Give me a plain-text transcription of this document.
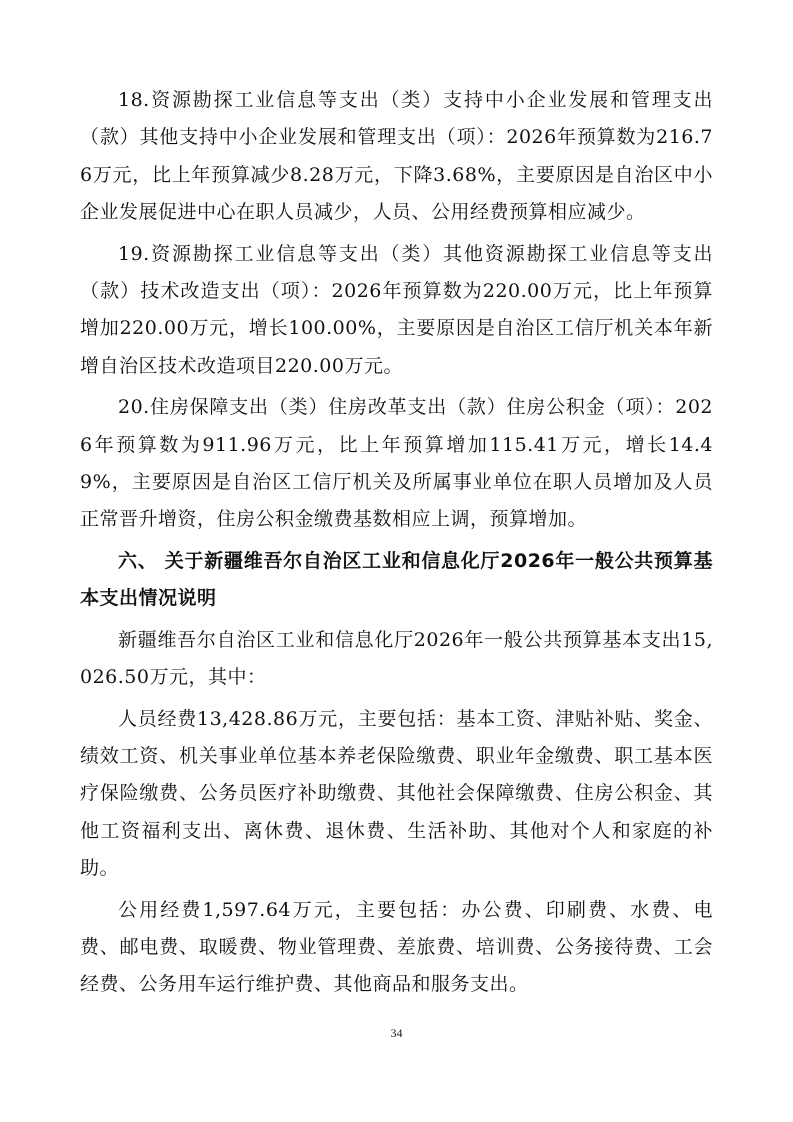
18.资源勘探工业信息等支出（类）支持中小企业发展和管理支出（款）其他支持中小企业发展和管理支出（项）：2026年预算数为216.76万元，比上年预算减少8.28万元，下降3.68%，主要原因是自治区中小企业发展促进中心在职人员减少，人员、公用经费预算相应减少。

19.资源勘探工业信息等支出（类）其他资源勘探工业信息等支出（款）技术改造支出（项）：2026年预算数为220.00万元，比上年预算增加220.00万元，增长100.00%，主要原因是自治区工信厅机关本年新增自治区技术改造项目220.00万元。

20.住房保障支出（类）住房改革支出（款）住房公积金（项）：2026年预算数为911.96万元，比上年预算增加115.41万元，增长14.49%，主要原因是自治区工信厅机关及所属事业单位在职人员增加及人员正常晋升增资，住房公积金缴费基数相应上调，预算增加。

六、 关于新疆维吾尔自治区工业和信息化厅2026年一般公共预算基本支出情况说明

新疆维吾尔自治区工业和信息化厅2026年一般公共预算基本支出15,026.50万元，其中：

人员经费13,428.86万元，主要包括：基本工资、津贴补贴、奖金、绩效工资、机关事业单位基本养老保险缴费、职业年金缴费、职工基本医疗保险缴费、公务员医疗补助缴费、其他社会保障缴费、住房公积金、其他工资福利支出、离休费、退休费、生活补助、其他对个人和家庭的补助。

公用经费1,597.64万元，主要包括：办公费、印刷费、水费、电费、邮电费、取暖费、物业管理费、差旅费、培训费、公务接待费、工会经费、公务用车运行维护费、其他商品和服务支出。

34
